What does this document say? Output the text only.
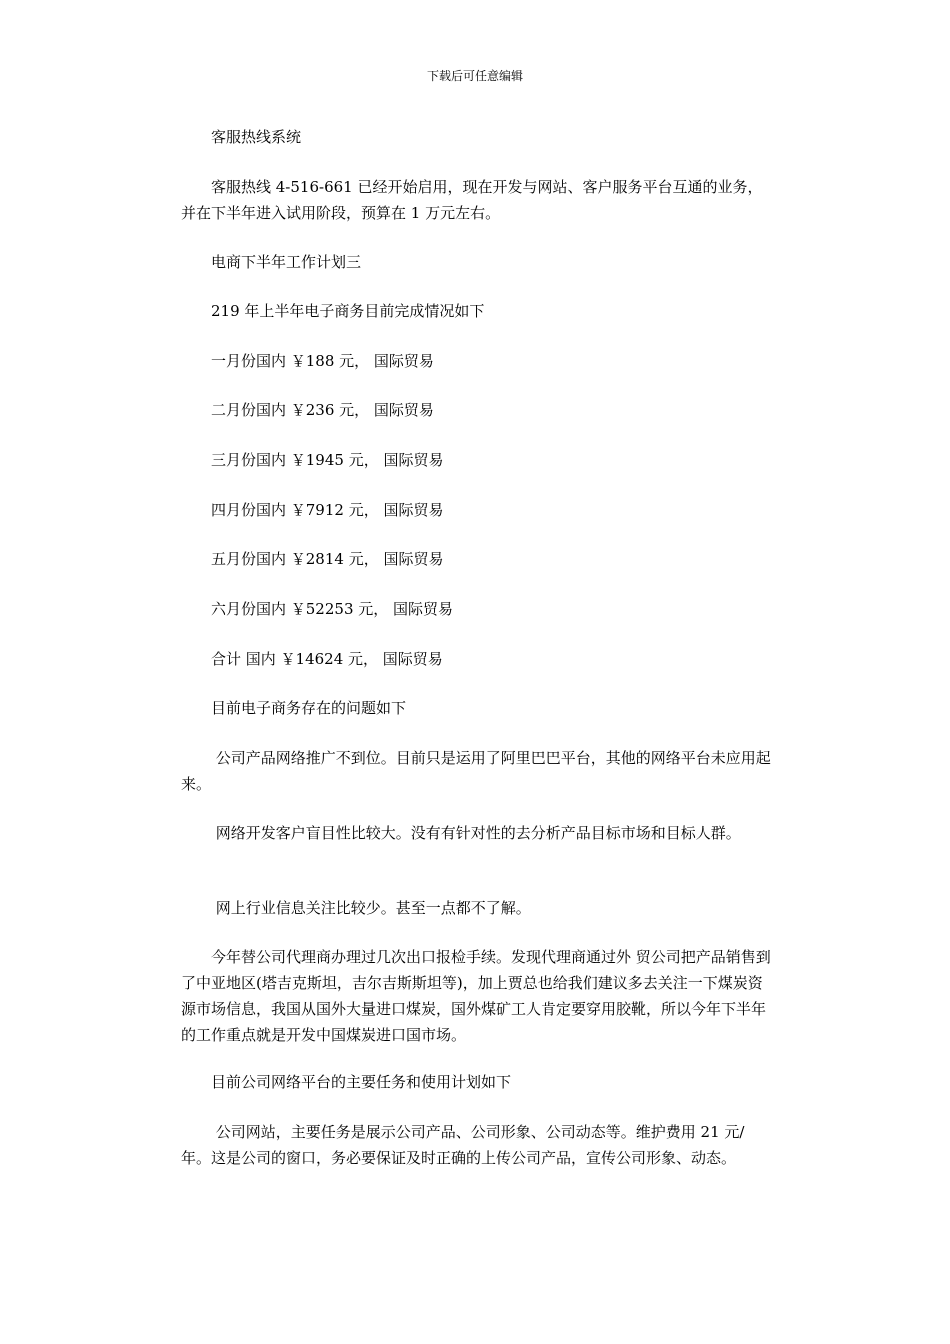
下载后可任意编辑

　　客服热线系统

　　客服热线 4-516-661 已经开始启用，现在开发与网站、客户服务平台互通的业务，并在下半年进入试用阶段，预算在 1 万元左右。

　　电商下半年工作计划三

　　219 年上半年电子商务目前完成情况如下

　　一月份国内 ￥188 元， 国际贸易

　　二月份国内 ￥236 元， 国际贸易

　　三月份国内 ￥1945 元， 国际贸易

　　四月份国内 ￥7912 元， 国际贸易

　　五月份国内 ￥2814 元， 国际贸易

　　六月份国内 ￥52253 元， 国际贸易

　　合计 国内 ￥14624 元， 国际贸易

　　目前电子商务存在的问题如下

　　 公司产品网络推广不到位。目前只是运用了阿里巴巴平台，其他的网络平台未应用起来。

　　 网络开发客户盲目性比较大。没有有针对性的去分析产品目标市场和目标人群。

　　 网上行业信息关注比较少。甚至一点都不了解。

　　今年替公司代理商办理过几次出口报检手续。发现代理商通过外 贸公司把产品销售到了中亚地区(塔吉克斯坦，吉尔吉斯斯坦等)，加上贾总也给我们建议多去关注一下煤炭资源市场信息，我国从国外大量进口煤炭，国外煤矿工人肯定要穿用胶靴，所以今年下半年的工作重点就是开发中国煤炭进口国市场。

　　目前公司网络平台的主要任务和使用计划如下

　　 公司网站，主要任务是展示公司产品、公司形象、公司动态等。维护费用 21 元/年。这是公司的窗口，务必要保证及时正确的上传公司产品，宣传公司形象、动态。
